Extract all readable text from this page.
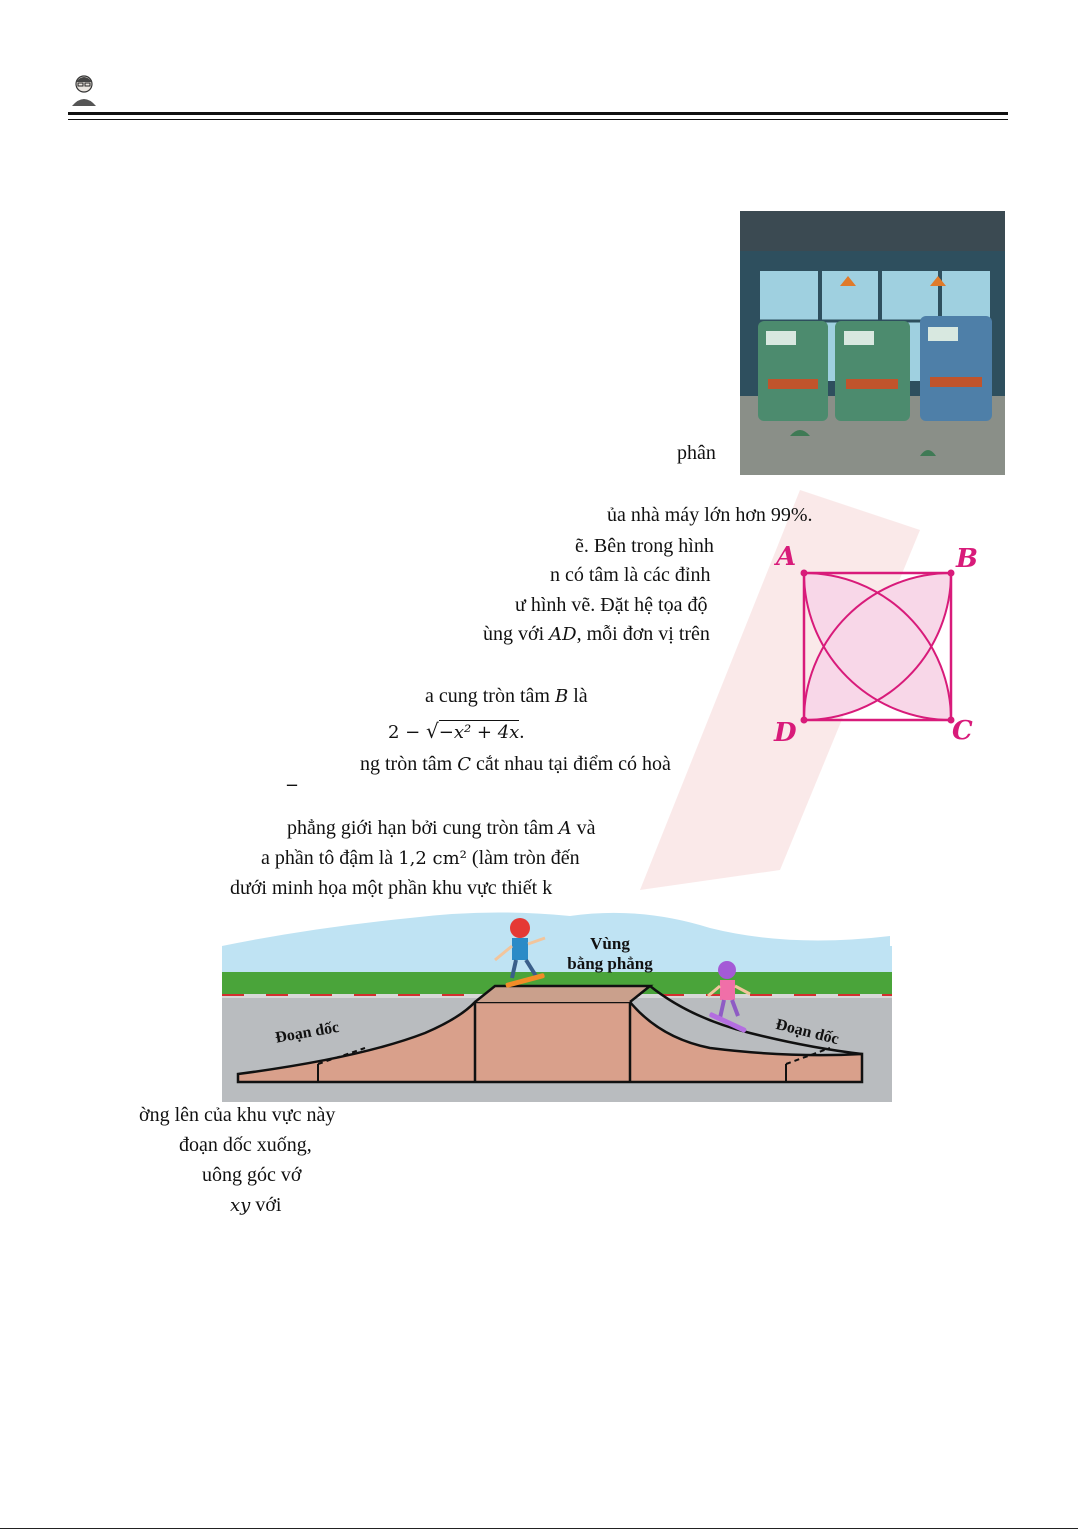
phân
ủa nhà máy lớn hơn 99%.
ẽ. Bên trong hình
n có tâm là các đỉnh
ư hình vẽ. Đặt hệ tọa độ
ùng với AD, mỗi đơn vị trên
a cung tròn tâm B là
2 − √−x² + 4x.
ng tròn tâm C cắt nhau tại điểm có hoà
–
phẳng giới hạn bởi cung tròn tâm A và
a phần tô đậm là 1,2 cm² (làm tròn đến
dưới minh họa một phần khu vực thiết k
ờng lên của khu vực này
đoạn dốc xuống,
uông góc vớ
xy với
A	B
C
D
Vùng
bằng phẳng
Đoạn dốc	Đoạn dốc
